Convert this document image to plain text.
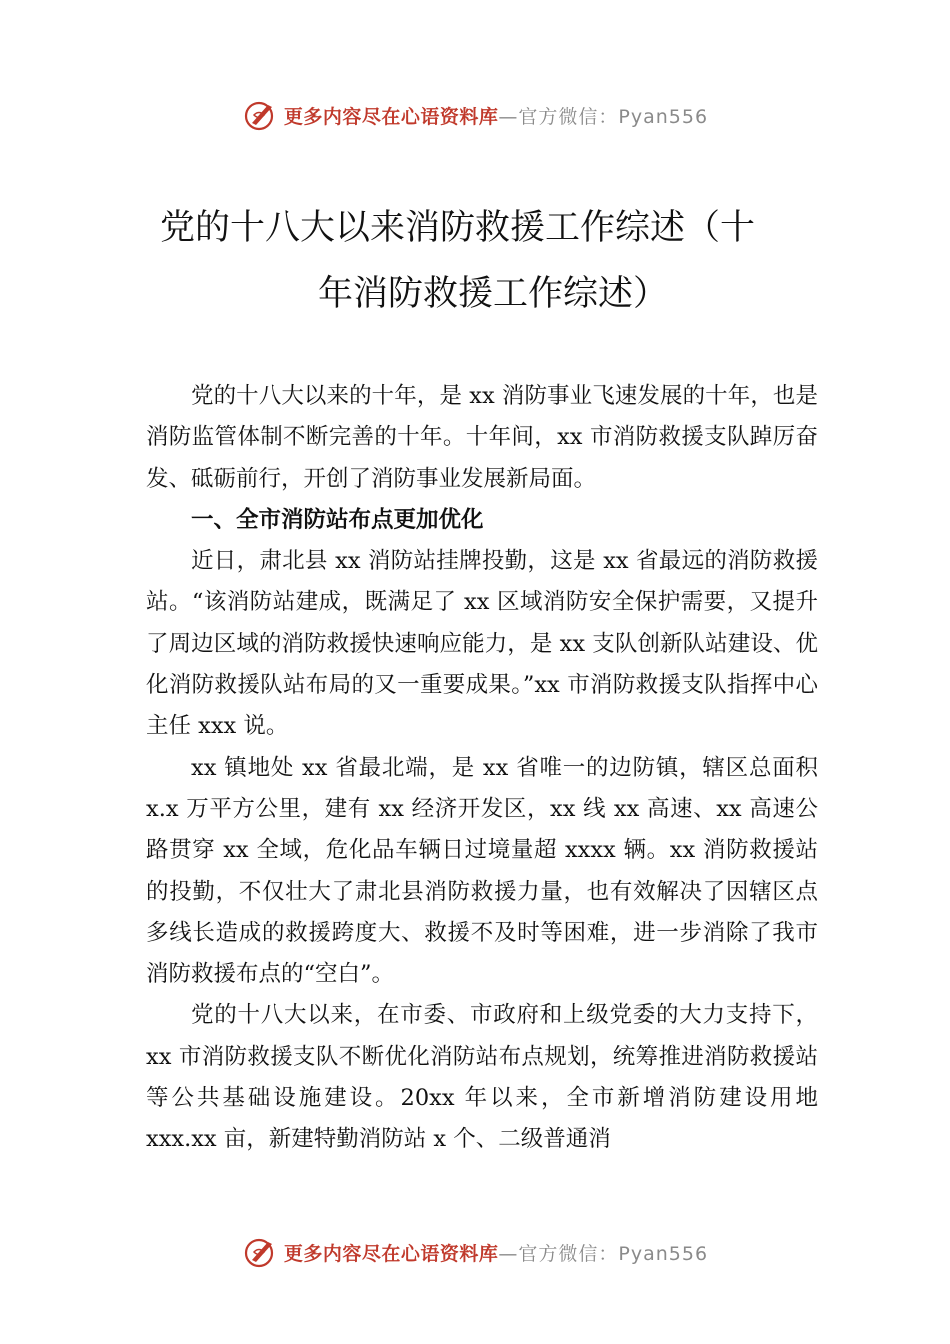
更多内容尽在心语资料库 —官方微信：Pyan556
党的十八大以来消防救援工作综述（十
年消防救援工作综述）

党的十八大以来的十年，是 xx 消防事业飞速发展的十年，也是消防监管体制不断完善的十年。十年间，xx 市消防救援支队踔厉奋发、砥砺前行，开创了消防事业发展新局面。

一、全市消防站布点更加优化

近日，肃北县 xx 消防站挂牌投勤，这是 xx 省最远的消防救援站。“该消防站建成，既满足了 xx 区域消防安全保护需要，又提升了周边区域的消防救援快速响应能力，是 xx 支队创新队站建设、优化消防救援队站布局的又一重要成果。”xx 市消防救援支队指挥中心主任 xxx 说。

xx 镇地处 xx 省最北端，是 xx 省唯一的边防镇，辖区总面积 x.x 万平方公里，建有 xx 经济开发区，xx 线 xx 高速、xx 高速公路贯穿 xx 全域，危化品车辆日过境量超 xxxx 辆。xx 消防救援站的投勤，不仅壮大了肃北县消防救援力量，也有效解决了因辖区点多线长造成的救援跨度大、救援不及时等困难，进一步消除了我市消防救援布点的“空白”。

党的十八大以来，在市委、市政府和上级党委的大力支持下，xx 市消防救援支队不断优化消防站布点规划，统筹推进消防救援站等公共基础设施建设。20xx 年以来，全市新增消防建设用地 xxx.xx 亩，新建特勤消防站 x 个、二级普通消

更多内容尽在心语资料库 —官方微信：Pyan556
